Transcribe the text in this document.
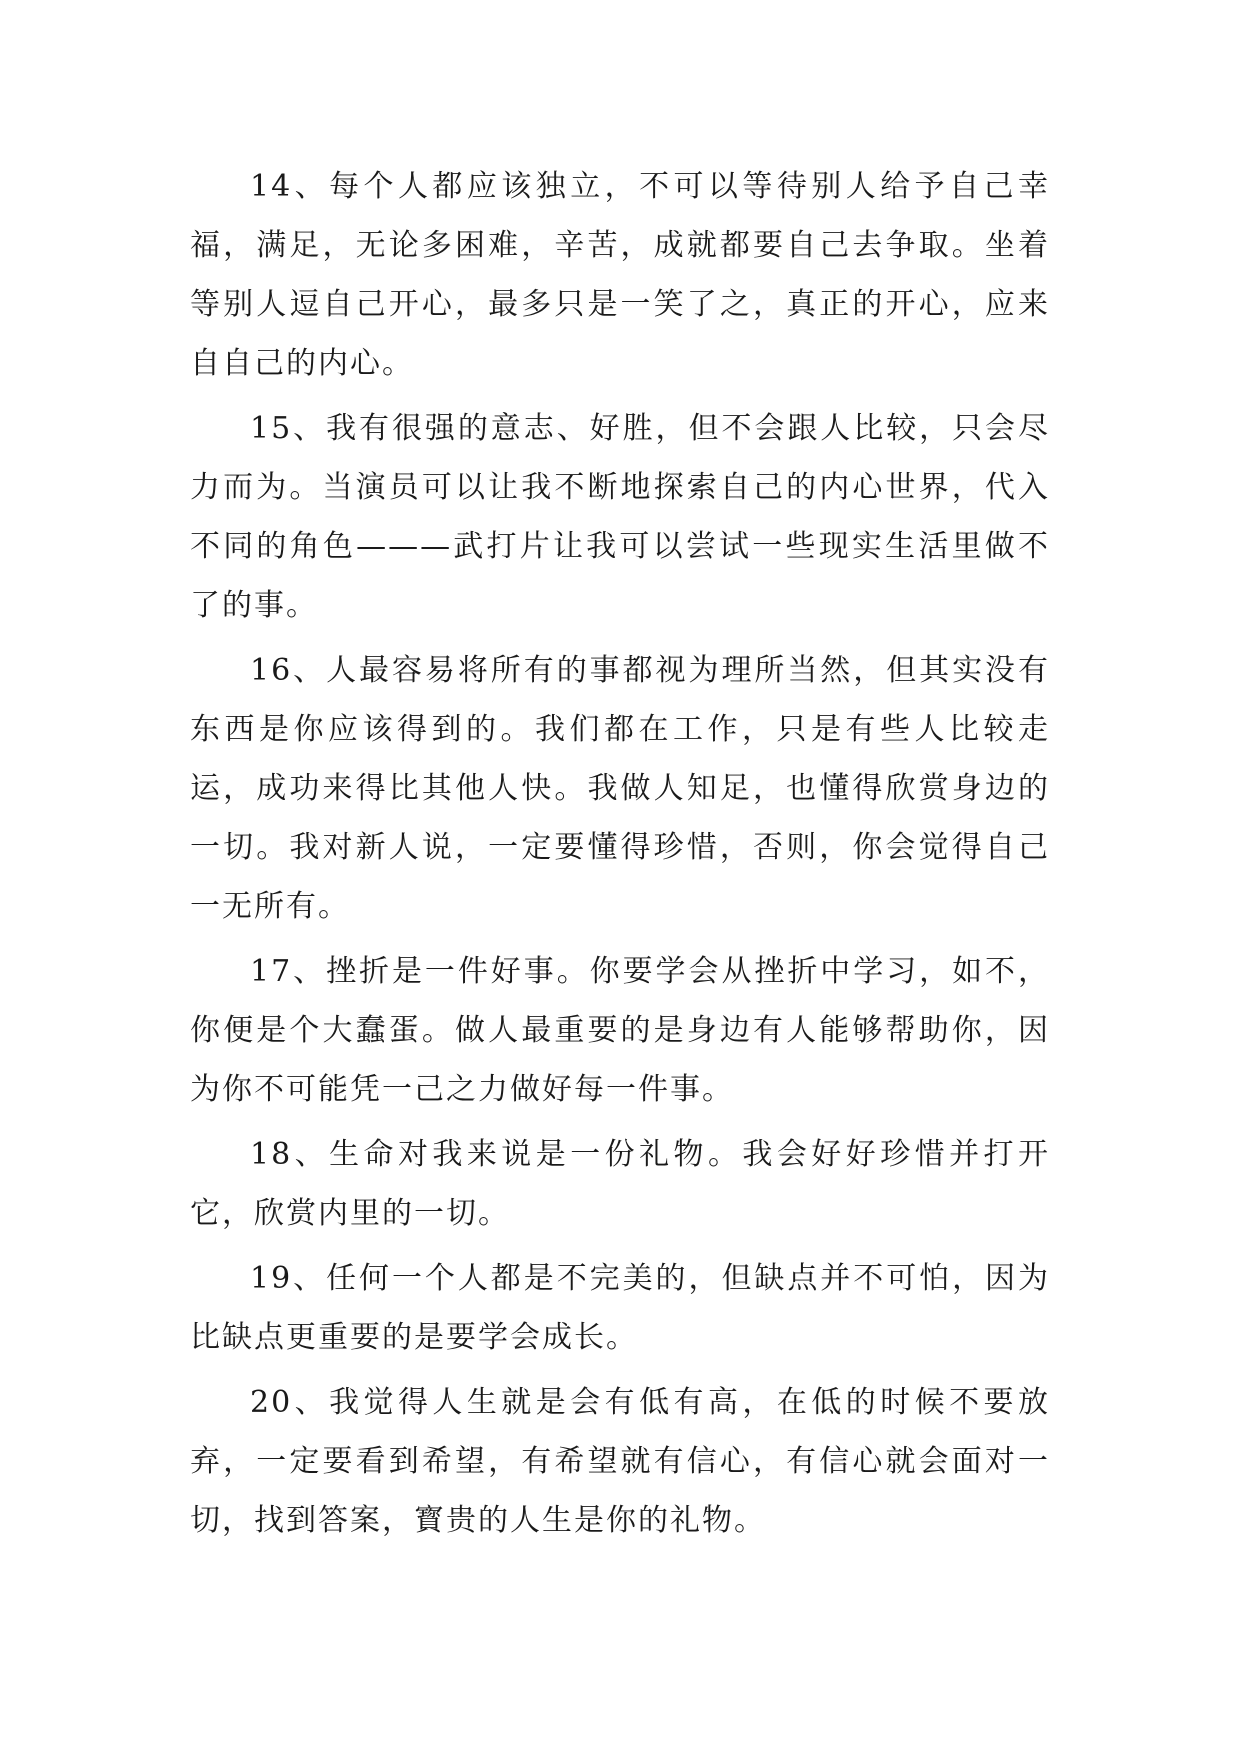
14、每个人都应该独立，不可以等待别人给予自己幸福，满足，无论多困难，辛苦，成就都要自己去争取。坐着等别人逗自己开心，最多只是一笑了之，真正的开心，应来自自己的内心。

15、我有很强的意志、好胜，但不会跟人比较，只会尽力而为。当演员可以让我不断地探索自己的内心世界，代入不同的角色———武打片让我可以尝试一些现实生活里做不了的事。

16、人最容易将所有的事都视为理所当然，但其实没有东西是你应该得到的。我们都在工作，只是有些人比较走运，成功来得比其他人快。我做人知足，也懂得欣赏身边的一切。我对新人说，一定要懂得珍惜，否则，你会觉得自己一无所有。

17、挫折是一件好事。你要学会从挫折中学习，如不，你便是个大蠢蛋。做人最重要的是身边有人能够帮助你，因为你不可能凭一己之力做好每一件事。

18、生命对我来说是一份礼物。我会好好珍惜并打开它，欣赏内里的一切。

19、任何一个人都是不完美的，但缺点并不可怕，因为比缺点更重要的是要学会成长。

20、我觉得人生就是会有低有高，在低的时候不要放弃，一定要看到希望，有希望就有信心，有信心就会面对一切，找到答案，寳贵的人生是你的礼物。
